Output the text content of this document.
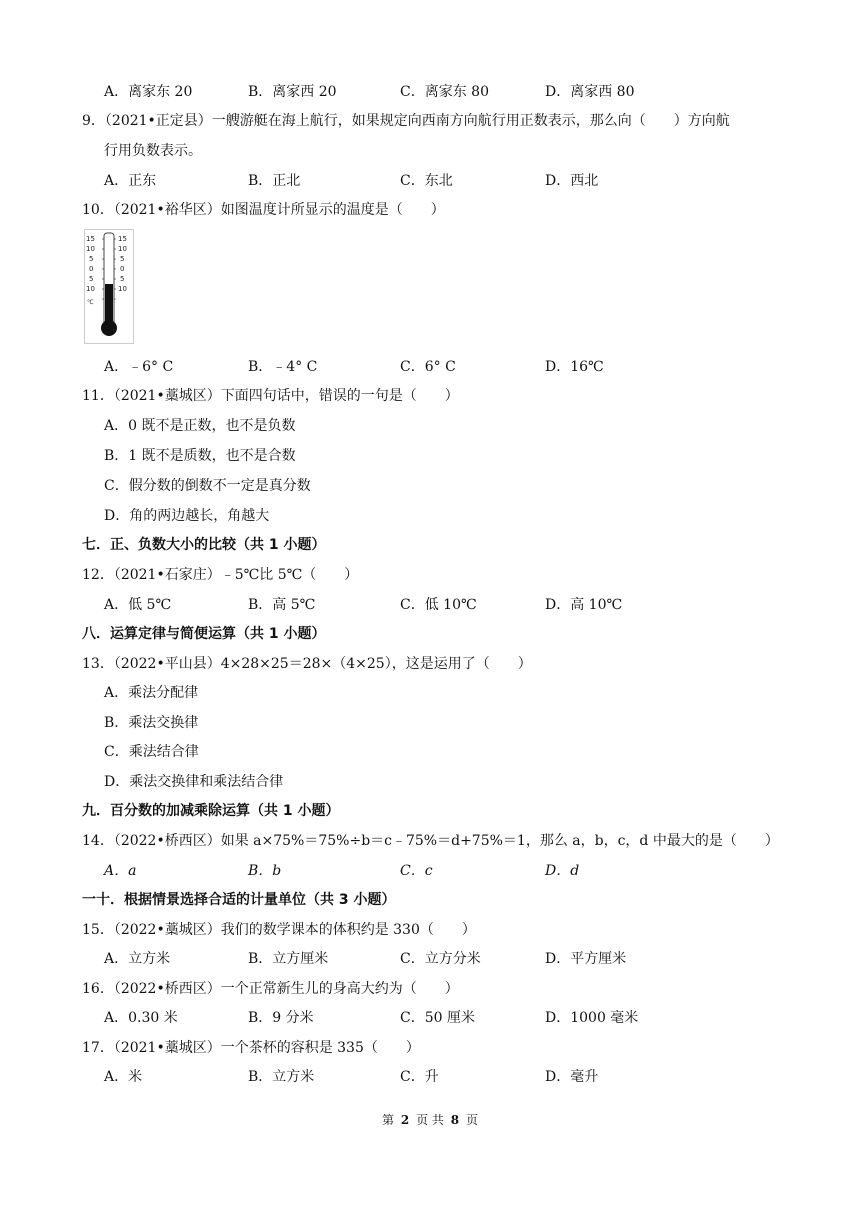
A．离家东 20	B．离家西 20	C．离家东 80	D．离家西 80
9．（2021•正定县）一艘游艇在海上航行，如果规定向西南方向航行用正数表示，那么向（　　）方向航
行用负数表示。
A．正东	B．正北	C．东北	D．西北
10．（2021•裕华区）如图温度计所显示的温度是（　　）
15
10
5
0
5
10
℃
15
10
5
0
5
10
A．﹣6° C	B．﹣4° C	C．6° C	D．16℃
11．（2021•藁城区）下面四句话中，错误的一句是（　　）
A．0 既不是正数，也不是负数
B．1 既不是质数，也不是合数
C．假分数的倒数不一定是真分数
D．角的两边越长，角越大
七．正、负数大小的比较（共 1 小题）
12．（2021•石家庄）﹣5℃比 5℃（　　）
A．低 5℃	B．高 5℃	C．低 10℃	D．高 10℃
八．运算定律与简便运算（共 1 小题）
13．（2022•平山县）4×28×25＝28×（4×25），这是运用了（　　）
A．乘法分配律
B．乘法交换律
C．乘法结合律
D．乘法交换律和乘法结合律
九．百分数的加减乘除运算（共 1 小题）
14．（2022•桥西区）如果 a×75%＝75%÷b＝c﹣75%＝d+75%＝1，那么 a，b，c，d 中最大的是（　　）
A．a	B．b	C．c	D．d
一十．根据情景选择合适的计量单位（共 3 小题）
15．（2022•藁城区）我们的数学课本的体积约是 330（　　）
A．立方米	B．立方厘米	C．立方分米	D．平方厘米
16．（2022•桥西区）一个正常新生儿的身高大约为（　　）
A．0.30 米	B．9 分米	C．50 厘米	D．1000 毫米
17．（2021•藁城区）一个茶杯的容积是 335（　　）
A．米	B．立方米	C．升	D．毫升
第 2 页 共 8 页
